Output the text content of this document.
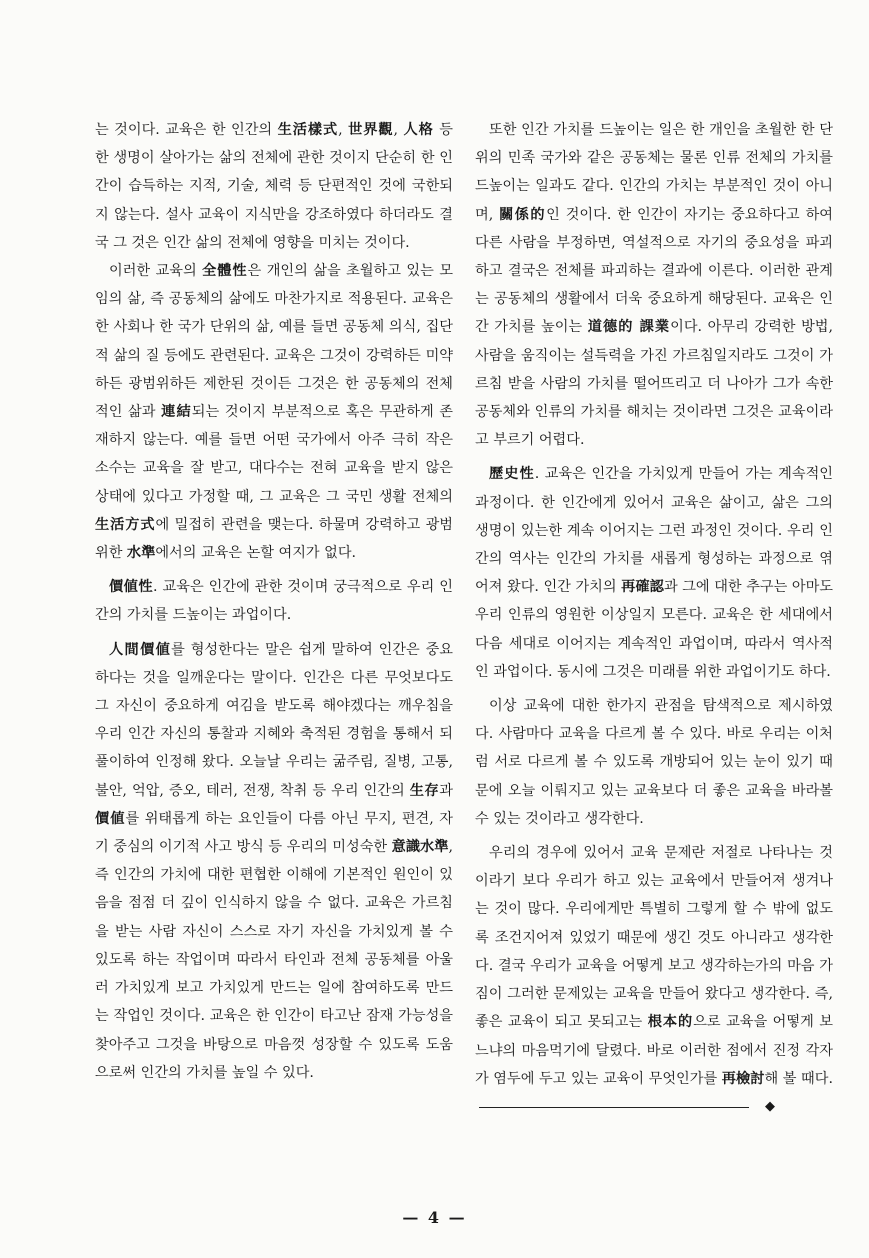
는 것이다. 교육은 한 인간의 生活樣式, 世界觀, 人格 등 한 생명이 살아가는 삶의 전체에 관한 것이지 단순히 한 인간이 습득하는 지적, 기술, 체력 등 단편적인 것에 국한되지 않는다. 설사 교육이 지식만을 강조하였다 하더라도 결국 그 것은 인간 삶의 전체에 영향을 미치는 것이다.

이러한 교육의 全體性은 개인의 삶을 초월하고 있는 모임의 삶, 즉 공동체의 삶에도 마찬가지로 적용된다. 교육은 한 사회나 한 국가 단위의 삶, 예를 들면 공동체 의식, 집단적 삶의 질 등에도 관련된다. 교육은 그것이 강력하든 미약하든 광범위하든 제한된 것이든 그것은 한 공동체의 전체적인 삶과 連結되는 것이지 부분적으로 혹은 무관하게 존재하지 않는다. 예를 들면 어떤 국가에서 아주 극히 작은 소수는 교육을 잘 받고, 대다수는 전혀 교육을 받지 않은 상태에 있다고 가정할 때, 그 교육은 그 국민 생활 전체의 生活方式에 밀접히 관련을 맺는다. 하물며 강력하고 광범위한 水準에서의 교육은 논할 여지가 없다.

價値性. 교육은 인간에 관한 것이며 궁극적으로 우리 인간의 가치를 드높이는 과업이다.

人間價値를 형성한다는 말은 쉽게 말하여 인간은 중요하다는 것을 일깨운다는 말이다. 인간은 다른 무엇보다도 그 자신이 중요하게 여김을 받도록 해야겠다는 깨우침을 우리 인간 자신의 통찰과 지혜와 축적된 경험을 통해서 되풀이하여 인정해 왔다. 오늘날 우리는 굶주림, 질병, 고통, 불안, 억압, 증오, 테러, 전쟁, 착취 등 우리 인간의 生存과 價値를 위태롭게 하는 요인들이 다름 아닌 무지, 편견, 자기 중심의 이기적 사고 방식 등 우리의 미성숙한 意識水準, 즉 인간의 가치에 대한 편협한 이해에 기본적인 원인이 있음을 점점 더 깊이 인식하지 않을 수 없다. 교육은 가르침을 받는 사람 자신이 스스로 자기 자신을 가치있게 볼 수 있도록 하는 작업이며 따라서 타인과 전체 공동체를 아울러 가치있게 보고 가치있게 만드는 일에 참여하도록 만드는 작업인 것이다. 교육은 한 인간이 타고난 잠재 가능성을 찾아주고 그것을 바탕으로 마음껏 성장할 수 있도록 도움으로써 인간의 가치를 높일 수 있다.

또한 인간 가치를 드높이는 일은 한 개인을 초월한 한 단위의 민족 국가와 같은 공동체는 물론 인류 전체의 가치를 드높이는 일과도 같다. 인간의 가치는 부분적인 것이 아니며, 關係的인 것이다. 한 인간이 자기는 중요하다고 하여 다른 사람을 부정하면, 역설적으로 자기의 중요성을 파괴하고 결국은 전체를 파괴하는 결과에 이른다. 이러한 관계는 공동체의 생활에서 더욱 중요하게 해당된다. 교육은 인간 가치를 높이는 道德的 課業이다. 아무리 강력한 방법, 사람을 움직이는 설득력을 가진 가르침일지라도 그것이 가르침 받을 사람의 가치를 떨어뜨리고 더 나아가 그가 속한 공동체와 인류의 가치를 해치는 것이라면 그것은 교육이라고 부르기 어렵다.

歷史性. 교육은 인간을 가치있게 만들어 가는 계속적인 과정이다. 한 인간에게 있어서 교육은 삶이고, 삶은 그의 생명이 있는한 계속 이어지는 그런 과정인 것이다. 우리 인간의 역사는 인간의 가치를 새롭게 형성하는 과정으로 엮어져 왔다. 인간 가치의 再確認과 그에 대한 추구는 아마도 우리 인류의 영원한 이상일지 모른다. 교육은 한 세대에서 다음 세대로 이어지는 계속적인 과업이며, 따라서 역사적인 과업이다. 동시에 그것은 미래를 위한 과업이기도 하다.

이상 교육에 대한 한가지 관점을 탐색적으로 제시하였다. 사람마다 교육을 다르게 볼 수 있다. 바로 우리는 이처럼 서로 다르게 볼 수 있도록 개방되어 있는 눈이 있기 때문에 오늘 이뤄지고 있는 교육보다 더 좋은 교육을 바라볼 수 있는 것이라고 생각한다.

우리의 경우에 있어서 교육 문제란 저절로 나타나는 것이라기 보다 우리가 하고 있는 교육에서 만들어져 생겨나는 것이 많다. 우리에게만 특별히 그렇게 할 수 밖에 없도록 조건지어져 있었기 때문에 생긴 것도 아니라고 생각한다. 결국 우리가 교육을 어떻게 보고 생각하는가의 마음 가짐이 그러한 문제있는 교육을 만들어 왔다고 생각한다. 즉, 좋은 교육이 되고 못되고는 根本的으로 교육을 어떻게 보느냐의 마음먹기에 달렸다. 바로 이러한 점에서 진정 각자가 염두에 두고 있는 교육이 무엇인가를 再檢討해 볼 때다.◆

— 4 —
